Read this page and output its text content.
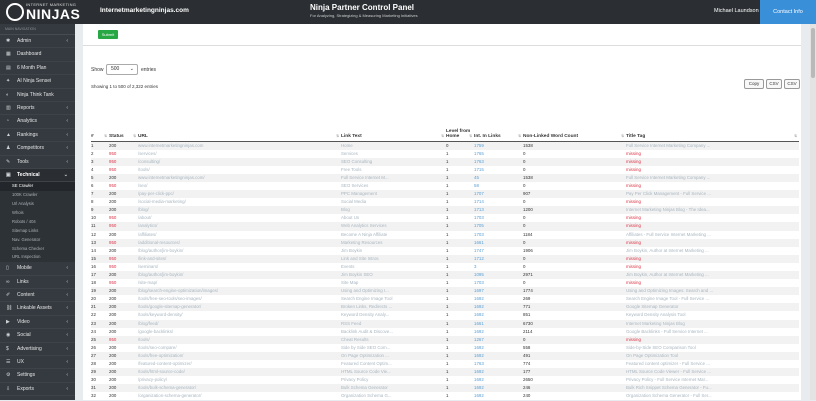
INTERNET MARKETING
NINJAS	Internetmarketingninjas.com	Ninja Partner Control Panel
For Analyzing, Strategizing & Measuring Marketing Initiatives
Michael Laundson	Contact Info
MAIN NAVIGATION
✱ Admin	‹
▦ Dashboard
▤ 6 Month Plan
✦ AI Ninja Sensei
◐ Ninja Think Tank
▥ Reports	‹
◔ Analytics	‹
▲ Rankings	‹
♟ Competitors	‹
✎ Tools	‹
▣ Technical	⌄
SE Crawler
100K Crawler
Url Analysis
Whois
Robots / 404
Sitemap Links
Nav. Generator
Schema Checker
URL Inspection
▯ Mobile	‹
∞ Links	‹
✐ Content	‹
⛓ Linkable Assets	‹
▶ Video	‹
◉ Social	‹
$ Advertising	‹
☰ UX	‹
⚙ Settings	‹
⇩ Exports	‹
Submit
Show	500 ⌄ entries
Showing 1 to 500 of 2,322 entries
Copy	CSV	CSV
# ⇅	Status ⇅	URL ⇅	Link Text ⇅	Level from Home ⇅	Int. In Links ⇅	Non-Linked Word Count ⇅	Title Tag ⇅

1	200	www.internetmarketingninjas.com	Home	0	1759	1538	Full Service Internet Marketing Company ...
2	950	/services/	Services	1	1765	0	missing
3	950	/consulting/	SEO Consulting	1	1763	0	missing
4	950	/tools/	Free Tools	1	1715	0	missing
5	200	www.internetmarketingninjas.com/	Full Service Internet M...	1	45	1538	Full Service Internet Marketing Company ...
6	950	/seo/	SEO Services	1	58	0	missing
7	200	/pay-per-click-ppc/	PPC Management	1	1707	907	Pay Per Click Management - Full Service ...
8	200	/social-media-marketing/	Social Media	1	1714	0	missing
9	200	/blog/	Blog	1	1713	1200	Internet Marketing Ninjas Blog - The Idea...
10	950	/about/	About Us	1	1703	0	missing
11	950	/analytics/	Web Analytics Services	1	1705	0	missing
12	200	/affiliates/	Become A Ninja Affiliate	1	1703	1184	Affiliates - Full Service Internet Marketing ...
13	950	/additional-resources/	Marketing Resources	1	1661	0	missing
14	200	/blog/author/jim-boykin/	Jim Boykin	1	1747	1906	Jim Boykin, Author at Internet Marketing ...
15	950	/link-and-sites/	Link and Site Intros	1	1712	0	missing
16	950	/seminars/	Events	1	3	0	missing
17	200	/blog/author/jim-boykin/	Jim Boykin SEO	1	1095	2971	Jim Boykin, Author at Internet Marketing ...
18	950	/site-map/	Site Map	1	1703	0	missing
19	200	/blog/search-engine-optimization/images/	Using and Optimizing I...	1	1697	1774	Using and Optimizing Images: Search and ...
20	200	/tools/free-seo-tools/seo-images/	Search Engine Image Tool	1	1692	269	Search Engine Image Tool - Full Service ...
21	200	/tools/google-sitemap-generator/	Broken Links, Redirects ...	1	1692	771	Google Sitemap Generator
22	200	/tools/keyword-density/	Keyword Density Analy...	1	1692	851	Keyword Density Analysis Tool
23	200	/blog/feed/	RSS Feed	1	1661	6730	Internet Marketing Ninjas Blog
24	200	/google-backlinks/	Backlink Audit & Discove...	1	1692	2114	Google Backlinks - Full Service Internet ...
25	950	/tools/	Cheat Results	1	1267	0	missing
26	200	/tools/seo-compare/	Side by Side SEO Com...	1	1692	558	Side-by-Side SEO Comparison Tool
27	200	/tools/free-optimization/	On Page Optimization ...	1	1692	491	On Page Optimization Tool
28	200	/featured-content-optimizer/	Featured Content Optim...	1	1763	774	Featured content optimizer - Full Service ...
29	200	/tools/html-source-code/	HTML Source Code Vie...	1	1692	177	HTML Source Code Viewer - Full Service ...
30	200	/privacy-policy/	Privacy Policy	1	1692	2650	Privacy Policy - Full Service Internet Mar...
31	200	/tools/bulk-schema-generator/	Bulk Schema Generator	1	1692	246	Bulk Rich Snippet Schema Generator - Fu...
32	200	/organization-schema-generator/	Organization Schema G...	1	1692	240	Organization Schema Generator - Full Ser...
